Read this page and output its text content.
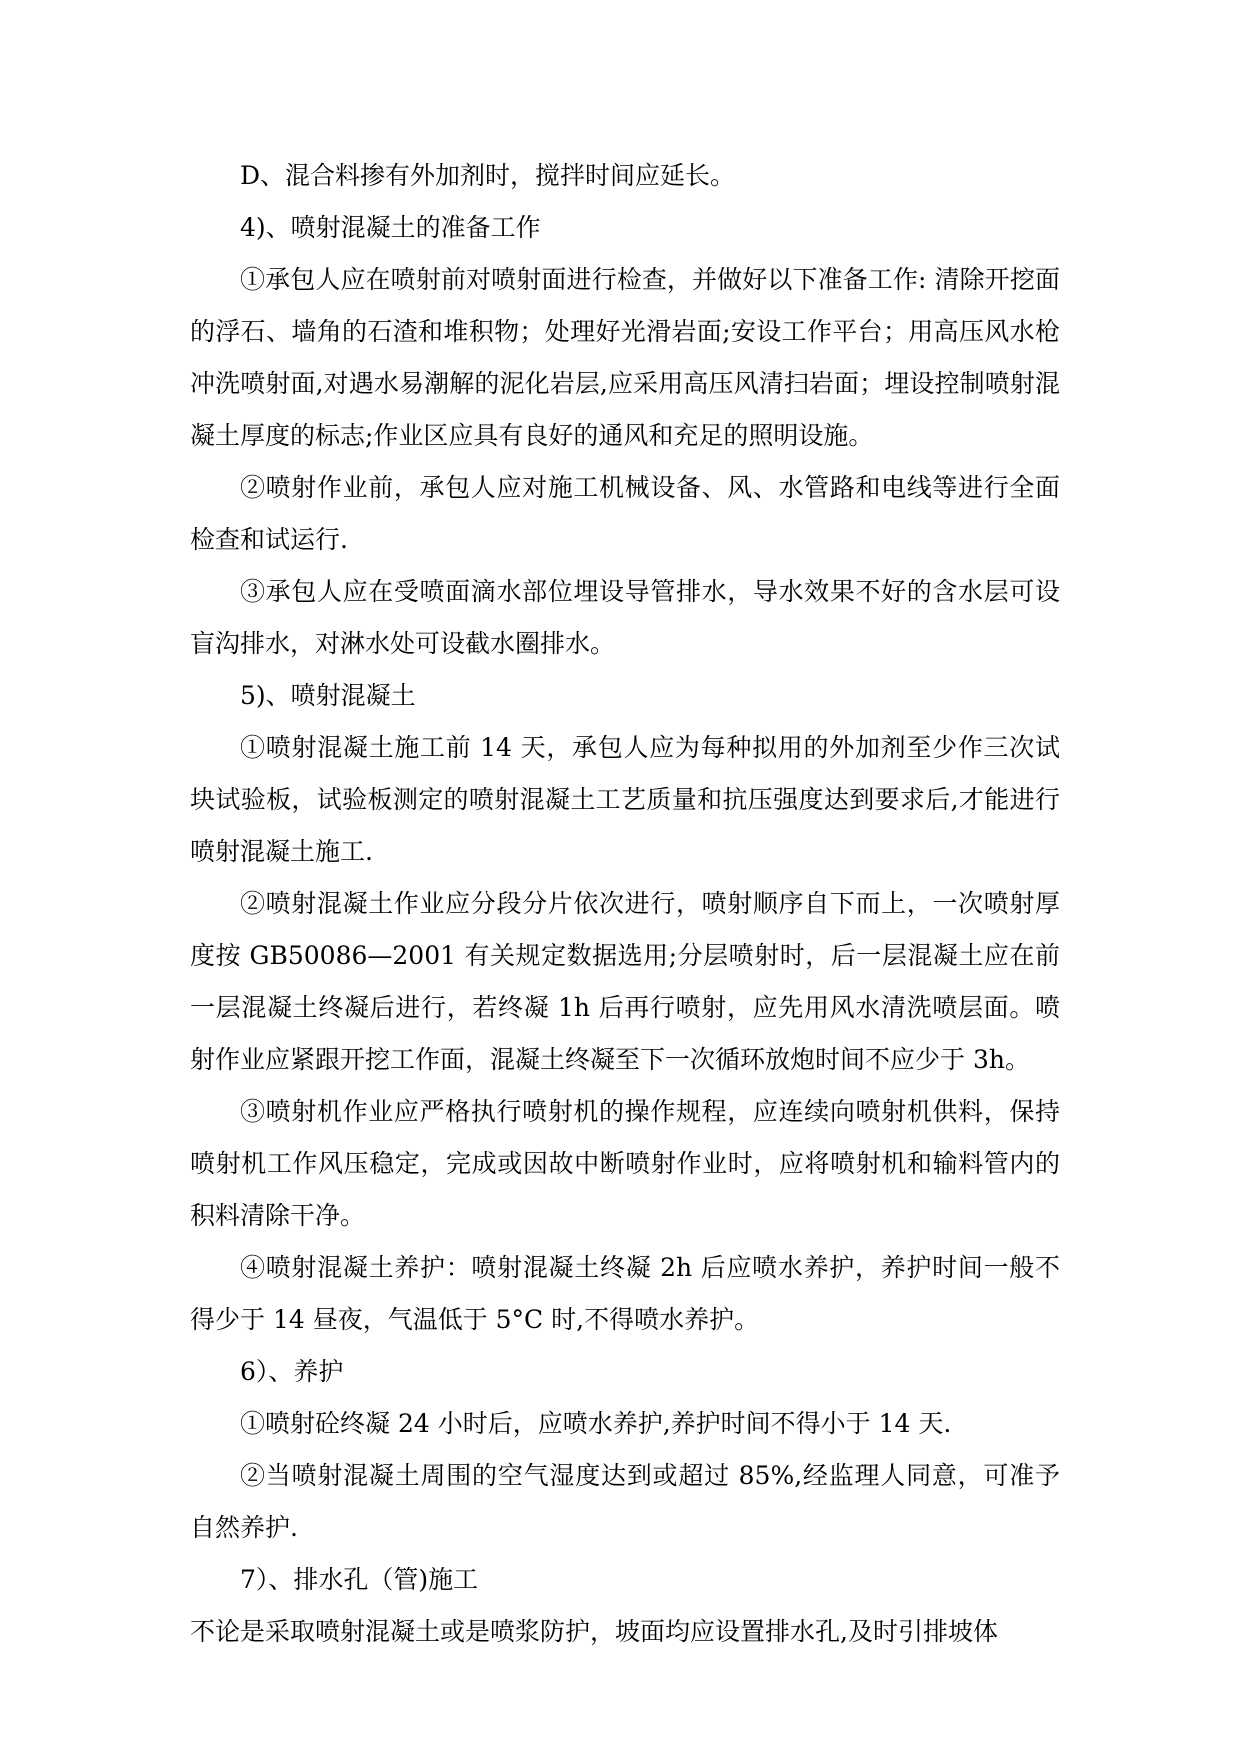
D、混合料掺有外加剂时，搅拌时间应延长。

4)、喷射混凝土的准备工作

①承包人应在喷射前对喷射面进行检查，并做好以下准备工作: 清除开挖面的浮石、墙角的石渣和堆积物；处理好光滑岩面;安设工作平台；用高压风水枪冲洗喷射面,对遇水易潮解的泥化岩层,应采用高压风清扫岩面；埋设控制喷射混凝土厚度的标志;作业区应具有良好的通风和充足的照明设施。

②喷射作业前，承包人应对施工机械设备、风、水管路和电线等进行全面检查和试运行.

③承包人应在受喷面滴水部位埋设导管排水，导水效果不好的含水层可设盲沟排水，对淋水处可设截水圈排水。

5)、喷射混凝土

①喷射混凝土施工前 14 天，承包人应为每种拟用的外加剂至少作三次试块试验板，试验板测定的喷射混凝土工艺质量和抗压强度达到要求后,才能进行喷射混凝土施工.

②喷射混凝土作业应分段分片依次进行，喷射顺序自下而上，一次喷射厚度按 GB50086—2001 有关规定数据选用;分层喷射时，后一层混凝土应在前一层混凝土终凝后进行，若终凝 1h 后再行喷射，应先用风水清洗喷层面。喷射作业应紧跟开挖工作面，混凝土终凝至下一次循环放炮时间不应少于 3h。

③喷射机作业应严格执行喷射机的操作规程，应连续向喷射机供料，保持喷射机工作风压稳定，完成或因故中断喷射作业时，应将喷射机和输料管内的积料清除干净。

④喷射混凝土养护：喷射混凝土终凝 2h 后应喷水养护，养护时间一般不得少于 14 昼夜，气温低于 5°C 时,不得喷水养护。

6）、养护

①喷射砼终凝 24 小时后，应喷水养护,养护时间不得小于 14 天.

②当喷射混凝土周围的空气湿度达到或超过 85%,经监理人同意，可准予自然养护.

7）、排水孔（管)施工

不论是采取喷射混凝土或是喷浆防护，坡面均应设置排水孔,及时引排坡体
